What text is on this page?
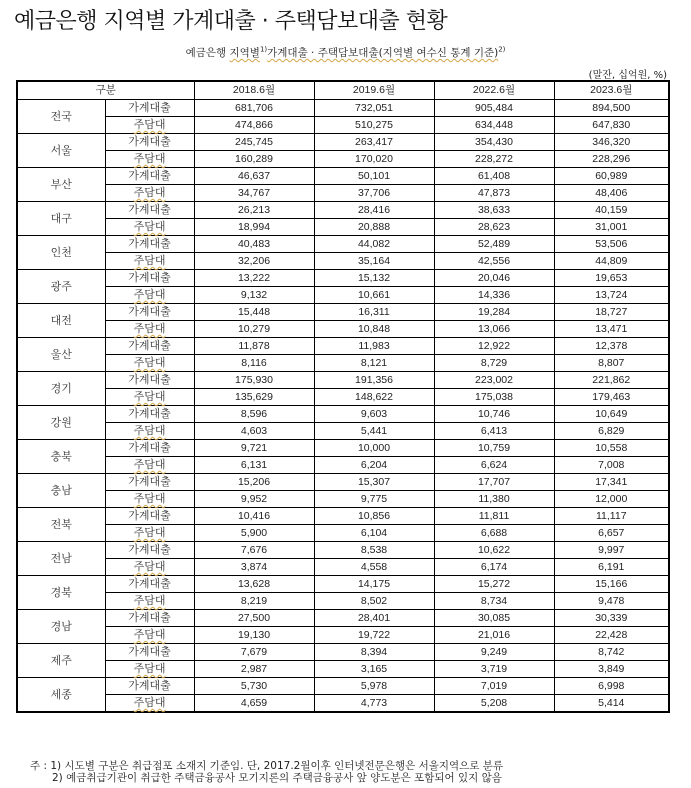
예금은행 지역별 가계대출 · 주택담보대출 현황
예금은행 지역별$^{1)}$가계대출 · 주택담보대출(지역별 여수신 통계 기준)$^{2)}$
(말잔, 십억원, %)
구분		2018.6월	2019.6월	2022.6월	2023.6월
전국	가계대출	681,706	732,051	905,484	894,500
	주담대	474,866	510,275	634,448	647,830
서울	가계대출	245,745	263,417	354,430	346,320
	주담대	160,289	170,020	228,272	228,296
부산	가계대출	46,637	50,101	61,408	60,989
	주담대	34,767	37,706	47,873	48,406
대구	가계대출	26,213	28,416	38,633	40,159
	주담대	18,994	20,888	28,623	31,001
인천	가계대출	40,483	44,082	52,489	53,506
	주담대	32,206	35,164	42,556	44,809
광주	가계대출	13,222	15,132	20,046	19,653
	주담대	9,132	10,661	14,336	13,724
대전	가계대출	15,448	16,311	19,284	18,727
	주담대	10,279	10,848	13,066	13,471
울산	가계대출	11,878	11,983	12,922	12,378
	주담대	8,116	8,121	8,729	8,807
경기	가계대출	175,930	191,356	223,002	221,862
	주담대	135,629	148,622	175,038	179,463
강원	가계대출	8,596	9,603	10,746	10,649
	주담대	4,603	5,441	6,413	6,829
충북	가계대출	9,721	10,000	10,759	10,558
	주담대	6,131	6,204	6,624	7,008
충남	가계대출	15,206	15,307	17,707	17,341
	주담대	9,952	9,775	11,380	12,000
전북	가계대출	10,416	10,856	11,811	11,117
	주담대	5,900	6,104	6,688	6,657
전남	가계대출	7,676	8,538	10,622	9,997
	주담대	3,874	4,558	6,174	6,191
경북	가계대출	13,628	14,175	15,272	15,166
	주담대	8,219	8,502	8,734	9,478
경남	가계대출	27,500	28,401	30,085	30,339
	주담대	19,130	19,722	21,016	22,428
제주	가계대출	7,679	8,394	9,249	8,742
	주담대	2,987	3,165	3,719	3,849
세종	가계대출	5,730	5,978	7,019	6,998
	주담대	4,659	4,773	5,208	5,414
주 : 1) 시도별 구분은 취급점포 소재지 기준임. 단, 2017.2월이후 인터넷전문은행은 서울지역으로 분류
2) 예금취급기관이 취급한 주택금융공사 모기지론의 주택금융공사 앞 양도분은 포함되어 있지 않음
